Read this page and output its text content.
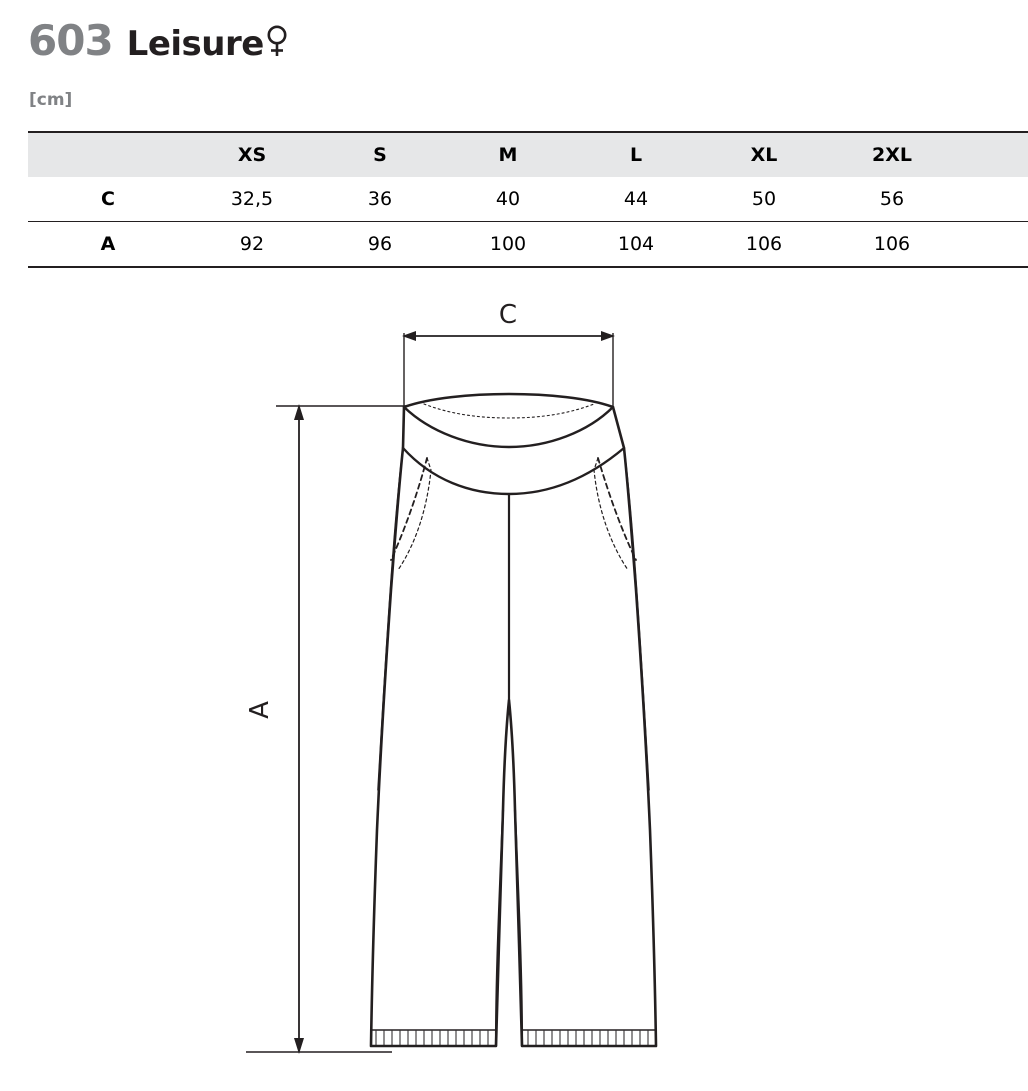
603 Leisure
[cm]
	XS	S	M	L	XL	2XL	
C	32,5	36	40	44	50	56	
A	92	96	100	104	106	106	
C
A
